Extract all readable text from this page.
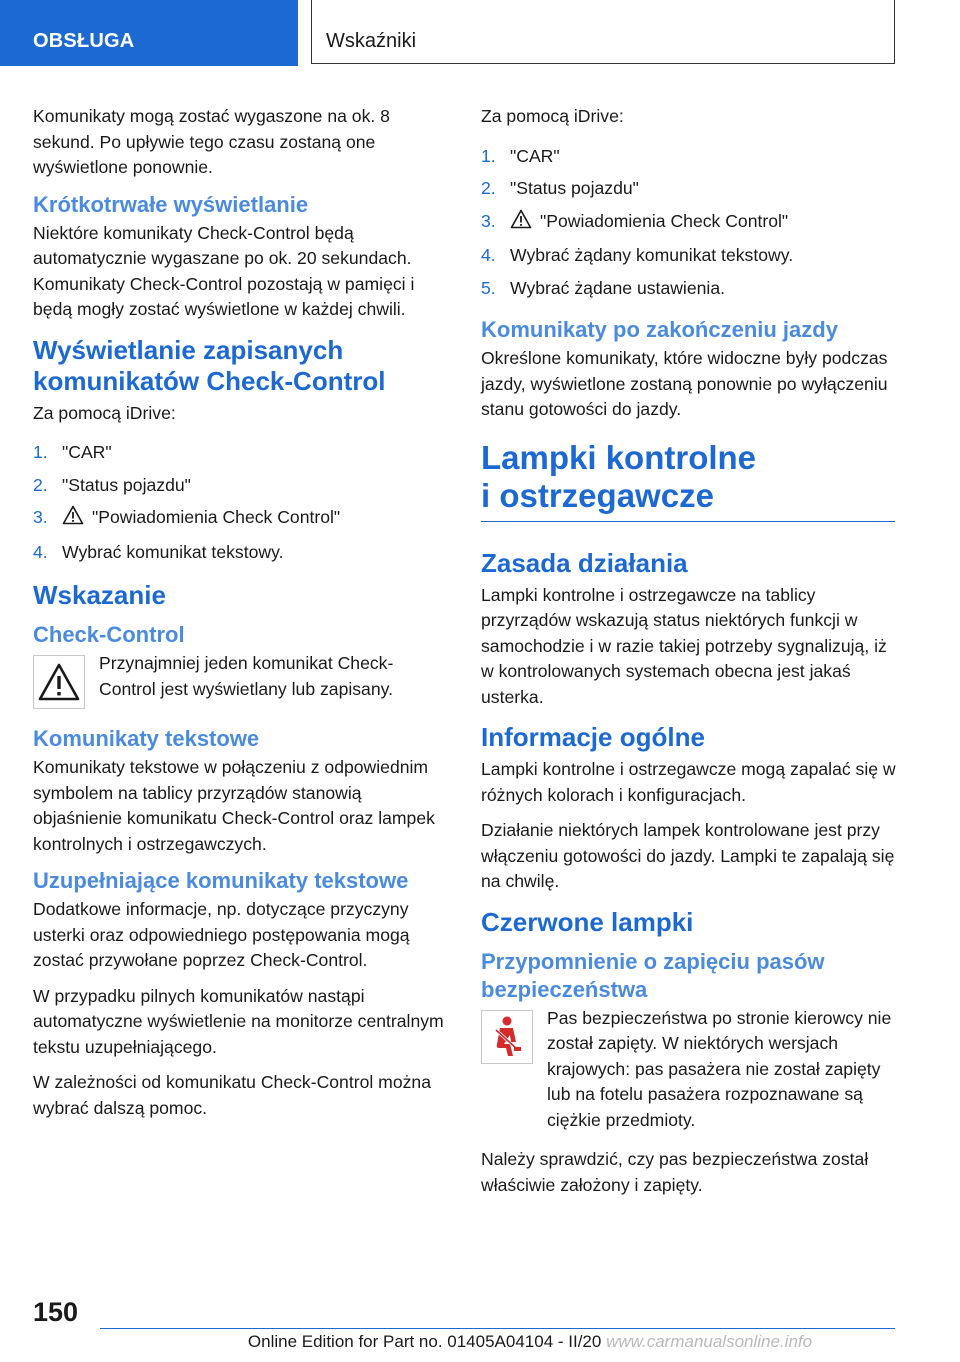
OBSŁUGA	Wskaźniki

Komunikaty mogą zostać wygaszone na ok. 8 sekund. Po upływie tego czasu zostaną one wyświetlone ponownie.

Krótkotrwałe wyświetlanie

Niektóre komunikaty Check-Control będą automatycznie wygaszane po ok. 20 sekundach. Komunikaty Check-Control pozostają w pamięci i będą mogły zostać wyświetlone w każdej chwili.

Wyświetlanie zapisanych komunikatów Check-Control

Za pomocą iDrive:

1. "CAR"
2. "Status pojazdu"
3.	"Powiadomienia Check Control"
4. Wybrać komunikat tekstowy.
Wskazanie
Check-Control

Przynajmniej jeden komunikat Check-Control jest wyświetlany lub zapisany.

Komunikaty tekstowe

Komunikaty tekstowe w połączeniu z odpowiednim symbolem na tablicy przyrządów stanowią objaśnienie komunikatu Check-Control oraz lampek kontrolnych i ostrzegawczych.

Uzupełniające komunikaty tekstowe

Dodatkowe informacje, np. dotyczące przyczyny usterki oraz odpowiedniego postępowania mogą zostać przywołane poprzez Check-Control.

W przypadku pilnych komunikatów nastąpi automatyczne wyświetlenie na monitorze centralnym tekstu uzupełniającego.

W zależności od komunikatu Check-Control można wybrać dalszą pomoc.

Za pomocą iDrive:

1. "CAR"
2. "Status pojazdu"
3.	"Powiadomienia Check Control"
4. Wybrać żądany komunikat tekstowy.
5. Wybrać żądane ustawienia.
Komunikaty po zakończeniu jazdy

Określone komunikaty, które widoczne były podczas jazdy, wyświetlone zostaną ponownie po wyłączeniu stanu gotowości do jazdy.

Lampki kontrolne
i ostrzegawcze
Zasada działania

Lampki kontrolne i ostrzegawcze na tablicy przyrządów wskazują status niektórych funkcji w samochodzie i w razie takiej potrzeby sygnalizują, iż w kontrolowanych systemach obecna jest jakaś usterka.

Informacje ogólne

Lampki kontrolne i ostrzegawcze mogą zapalać się w różnych kolorach i konfiguracjach.

Działanie niektórych lampek kontrolowane jest przy włączeniu gotowości do jazdy. Lampki te zapalają się na chwilę.

Czerwone lampki
Przypomnienie o zapięciu pasów bezpieczeństwa

Pas bezpieczeństwa po stronie kierowcy nie został zapięty. W niektórych wersjach krajowych: pas pasażera nie został zapięty lub na fotelu pasażera rozpoznawane są ciężkie przedmioty.

Należy sprawdzić, czy pas bezpieczeństwa został właściwie założony i zapięty.

150
Online Edition for Part no. 01405A04104 - II/20 www.carmanualsonline.info
